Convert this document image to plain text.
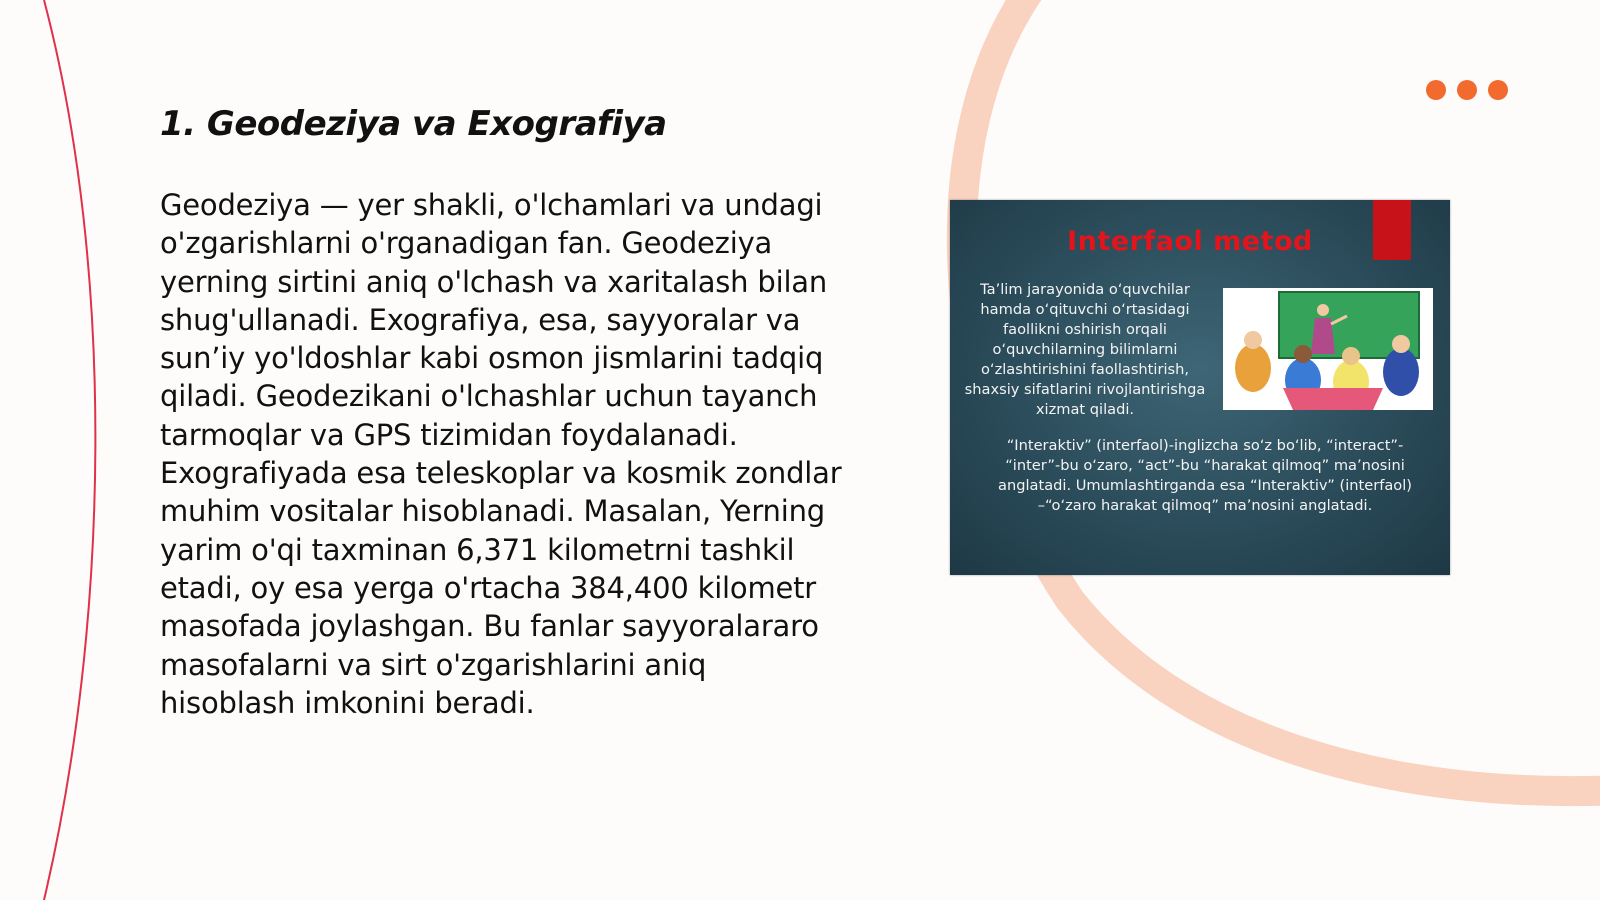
1. Geodeziya va Exografiya

Geodeziya — yer shakli, o'lchamlari va undagi o'zgarishlarni o'rganadigan fan. Geodeziya yerning sirtini aniq o'lchash va xaritalash bilan shug'ullanadi. Exografiya, esa, sayyoralar va sun’iy yo'ldoshlar kabi osmon jismlarini tadqiq qiladi. Geodezikani o'lchashlar uchun tayanch tarmoqlar va GPS tizimidan foydalanadi. Exografiyada esa teleskoplar va kosmik zondlar muhim vositalar hisoblanadi. Masalan, Yerning yarim o'qi taxminan 6,371 kilometrni tashkil etadi, oy esa yerga o'rtacha 384,400 kilometr masofada joylashgan. Bu fanlar sayyoralararo masofalarni va sirt o'zgarishlarini aniq hisoblash imkonini beradi.

Interfaol metod

Ta’lim jarayonida o‘quvchilar hamda o‘qituvchi o‘rtasidagi faollikni oshirish orqali o‘quvchilarning bilimlarni o‘zlashtirishini faollashtirish, shaxsiy sifatlarini rivojlantirishga xizmat qiladi.

“Interaktiv” (interfaol)-inglizcha so‘z bo‘lib, “interact”- “inter”-bu o‘zaro, “act”-bu “harakat qilmoq” ma’nosini anglatadi. Umumlashtirganda esa “Interaktiv” (interfaol) –“o‘zaro harakat qilmoq” ma’nosini anglatadi.
